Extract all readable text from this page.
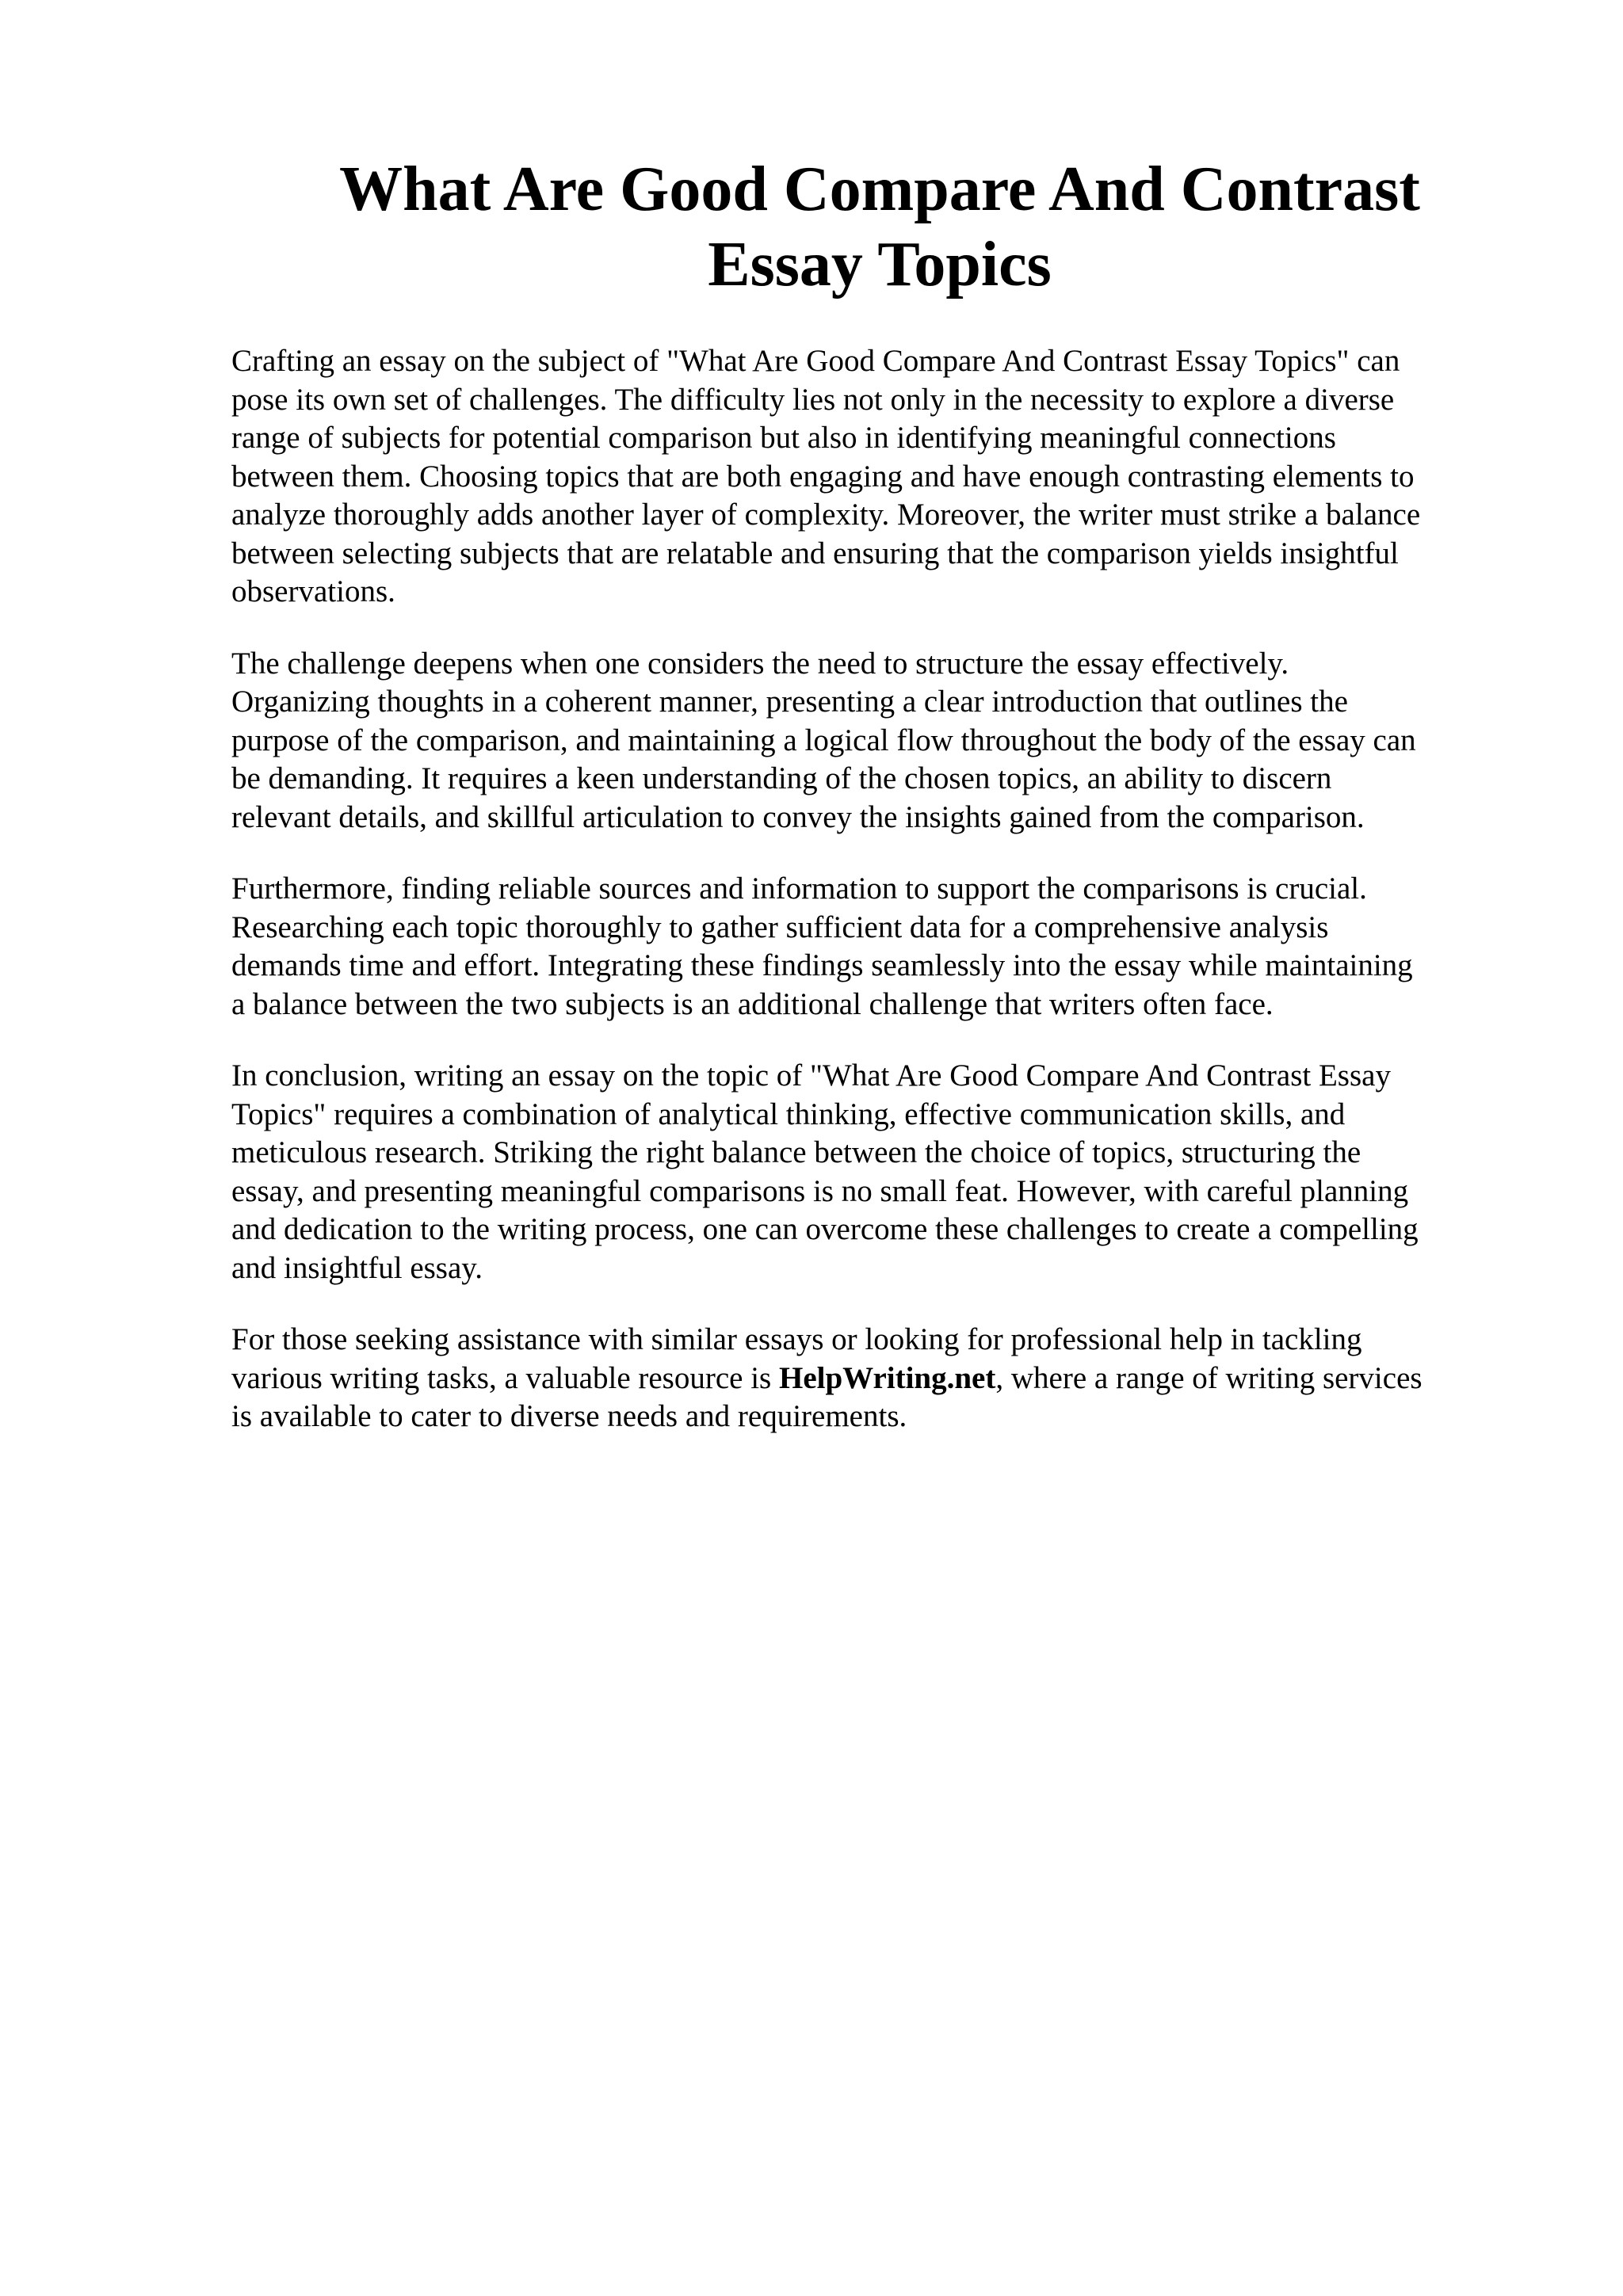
What Are Good Compare And Contrast
Essay Topics

Crafting an essay on the subject of "What Are Good Compare And Contrast Essay Topics" can
pose its own set of challenges. The difficulty lies not only in the necessity to explore a diverse
range of subjects for potential comparison but also in identifying meaningful connections
between them. Choosing topics that are both engaging and have enough contrasting elements to
analyze thoroughly adds another layer of complexity. Moreover, the writer must strike a balance
between selecting subjects that are relatable and ensuring that the comparison yields insightful
observations.

The challenge deepens when one considers the need to structure the essay effectively.
Organizing thoughts in a coherent manner, presenting a clear introduction that outlines the
purpose of the comparison, and maintaining a logical flow throughout the body of the essay can
be demanding. It requires a keen understanding of the chosen topics, an ability to discern
relevant details, and skillful articulation to convey the insights gained from the comparison.

Furthermore, finding reliable sources and information to support the comparisons is crucial.
Researching each topic thoroughly to gather sufficient data for a comprehensive analysis
demands time and effort. Integrating these findings seamlessly into the essay while maintaining
a balance between the two subjects is an additional challenge that writers often face.

In conclusion, writing an essay on the topic of "What Are Good Compare And Contrast Essay
Topics" requires a combination of analytical thinking, effective communication skills, and
meticulous research. Striking the right balance between the choice of topics, structuring the
essay, and presenting meaningful comparisons is no small feat. However, with careful planning
and dedication to the writing process, one can overcome these challenges to create a compelling
and insightful essay.

For those seeking assistance with similar essays or looking for professional help in tackling
various writing tasks, a valuable resource is HelpWriting.net, where a range of writing services
is available to cater to diverse needs and requirements.
